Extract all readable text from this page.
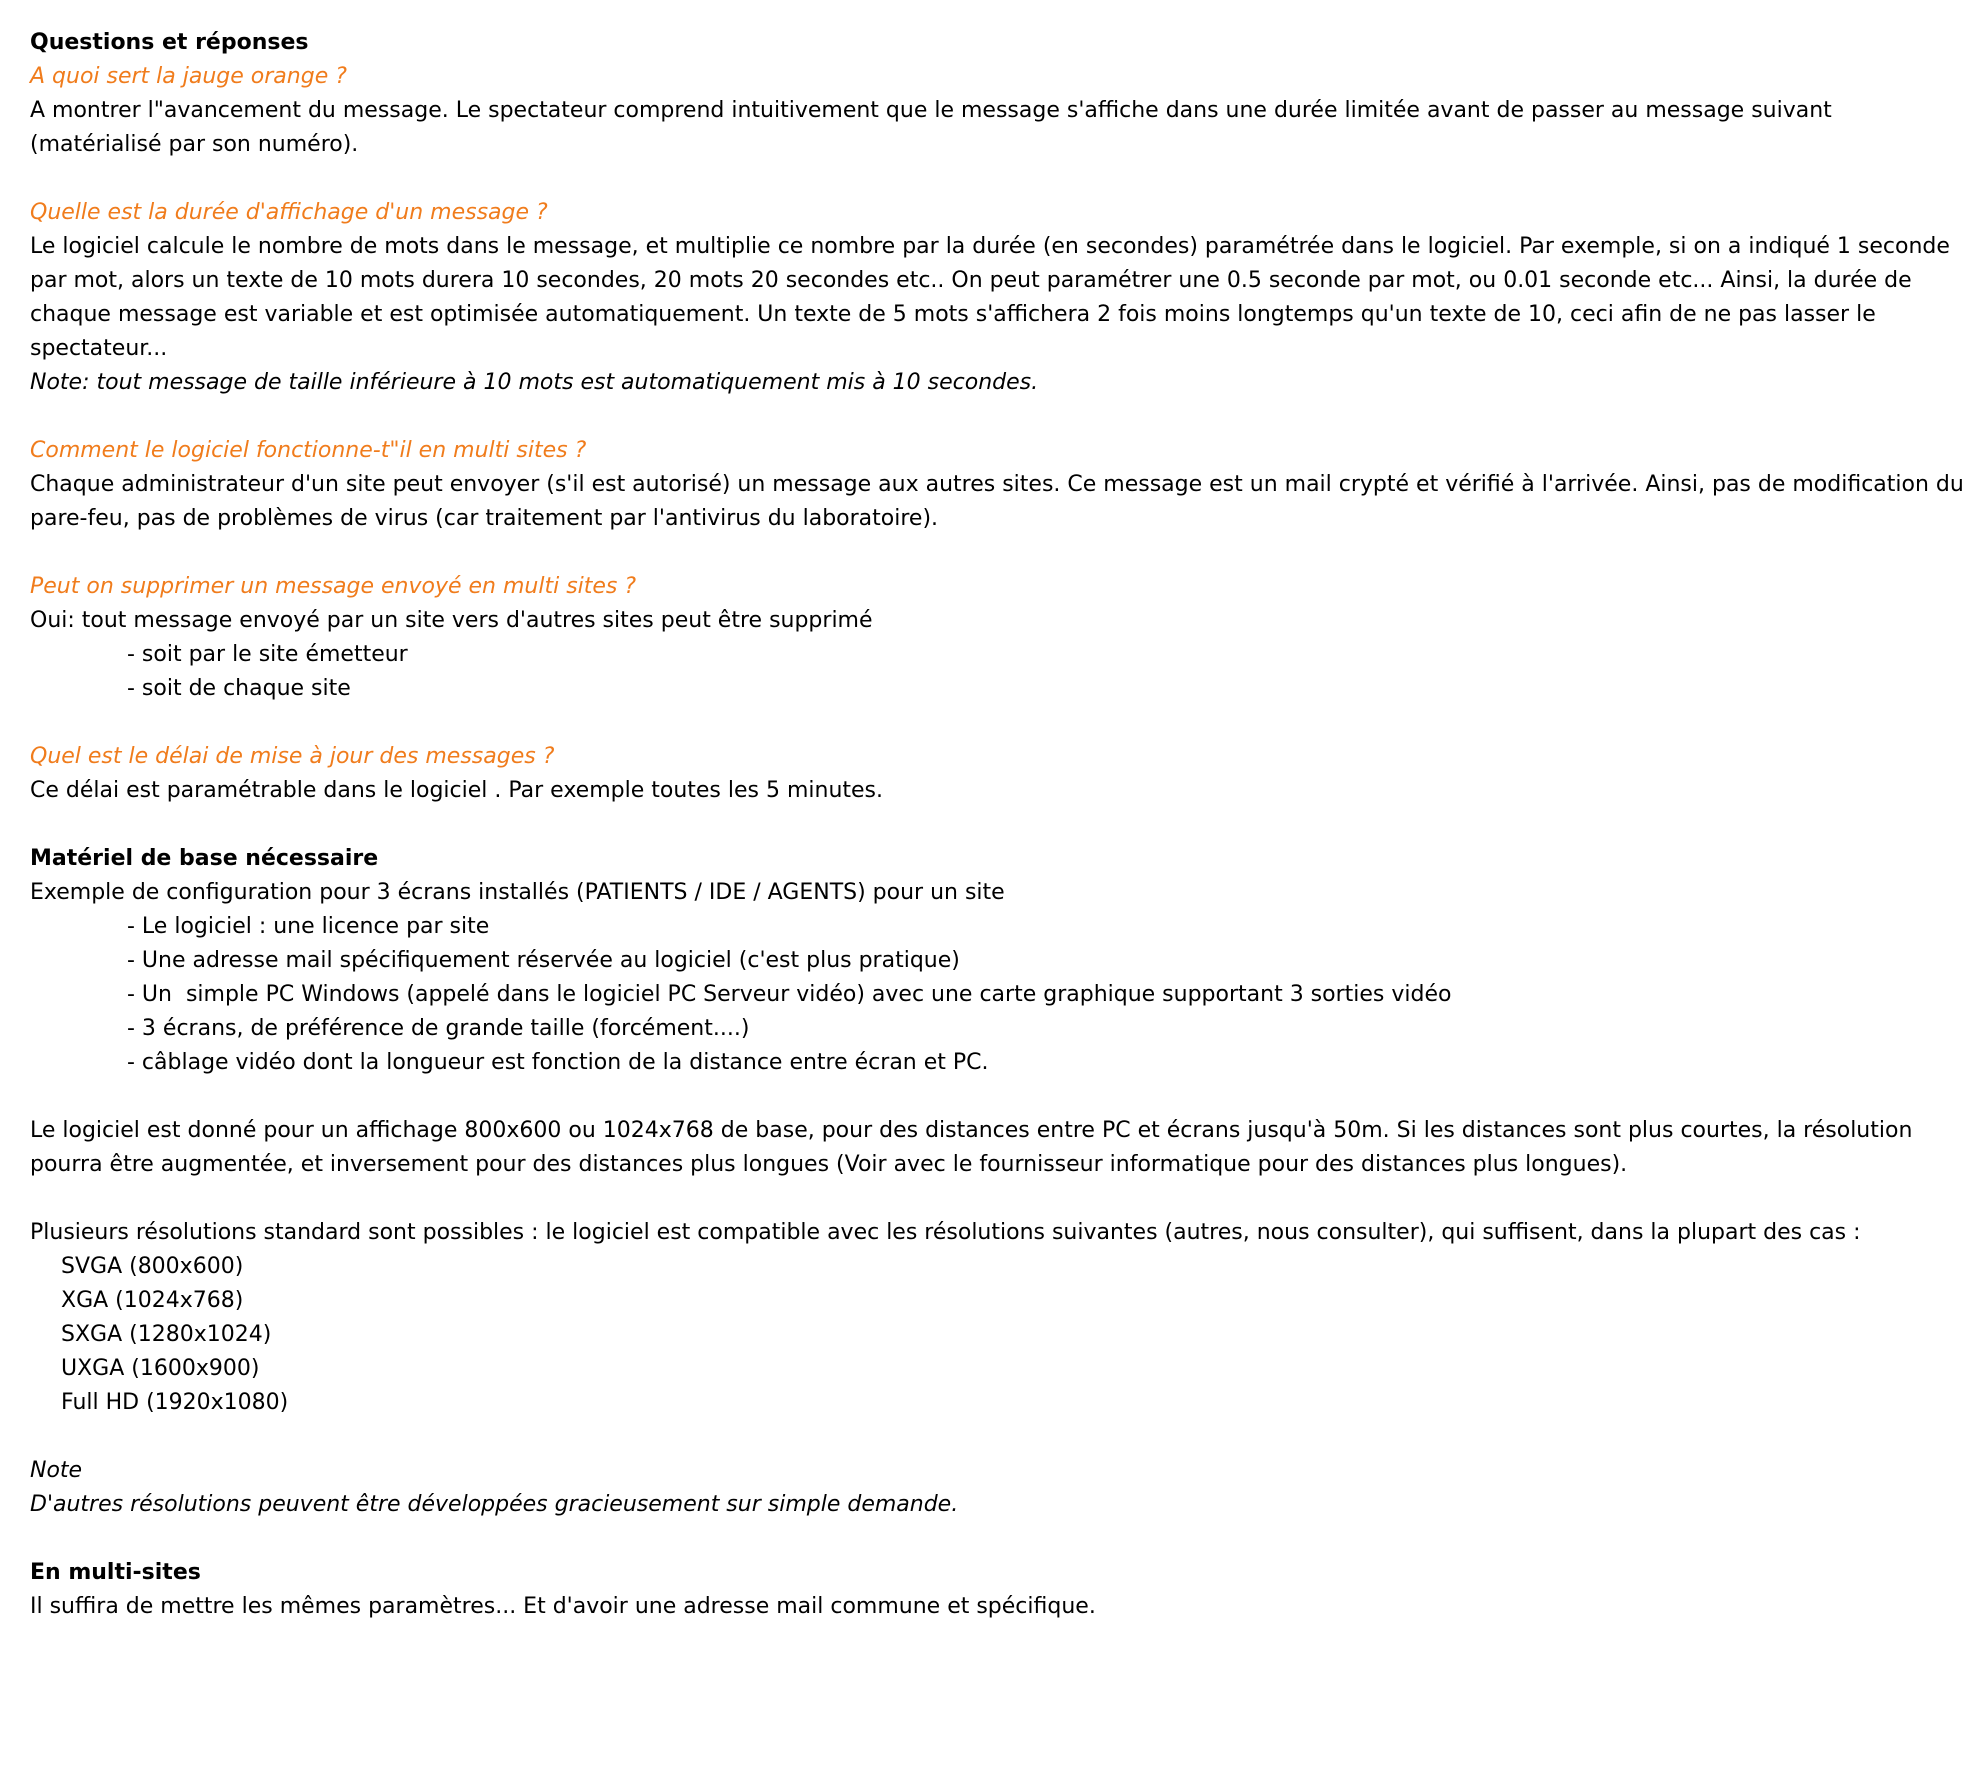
Questions et réponses

A quoi sert la jauge orange ?

A montrer l"avancement du message. Le spectateur comprend intuitivement que le message s'affiche dans une durée limitée avant de passer au message suivant (matérialisé par son numéro).

Quelle est la durée d'affichage d'un message ?

Le logiciel calcule le nombre de mots dans le message, et multiplie ce nombre par la durée (en secondes) paramétrée dans le logiciel. Par exemple, si on a indiqué 1 seconde par mot, alors un texte de 10 mots durera 10 secondes, 20 mots 20 secondes etc.. On peut paramétrer une 0.5 seconde par mot, ou 0.01 seconde etc... Ainsi, la durée de chaque message est variable et est optimisée automatiquement. Un texte de 5 mots s'affichera 2 fois moins longtemps qu'un texte de 10, ceci afin de ne pas lasser le spectateur...

Note: tout message de taille inférieure à 10 mots est automatiquement mis à 10 secondes.

Comment le logiciel fonctionne-t"il en multi sites ?

Chaque administrateur d'un site peut envoyer (s'il est autorisé) un message aux autres sites. Ce message est un mail crypté et vérifié à l'arrivée. Ainsi, pas de modification du pare-feu, pas de problèmes de virus (car traitement par l'antivirus du laboratoire).

Peut on supprimer un message envoyé en multi sites ?

Oui: tout message envoyé par un site vers d'autres sites peut être supprimé

- soit par le site émetteur

- soit de chaque site

Quel est le délai de mise à jour des messages ?

Ce délai est paramétrable dans le logiciel . Par exemple toutes les 5 minutes.

Matériel de base nécessaire

Exemple de configuration pour 3 écrans installés (PATIENTS / IDE / AGENTS) pour un site

- Le logiciel : une licence par site

- Une adresse mail spécifiquement réservée au logiciel (c'est plus pratique)

- Un  simple PC Windows (appelé dans le logiciel PC Serveur vidéo) avec une carte graphique supportant 3 sorties vidéo

- 3 écrans, de préférence de grande taille (forcément....)

- câblage vidéo dont la longueur est fonction de la distance entre écran et PC.

Le logiciel est donné pour un affichage 800x600 ou 1024x768 de base, pour des distances entre PC et écrans jusqu'à 50m. Si les distances sont plus courtes, la résolution pourra être augmentée, et inversement pour des distances plus longues (Voir avec le fournisseur informatique pour des distances plus longues).

Plusieurs résolutions standard sont possibles : le logiciel est compatible avec les résolutions suivantes (autres, nous consulter), qui suffisent, dans la plupart des cas :

SVGA (800x600)

XGA (1024x768)

SXGA (1280x1024)

UXGA (1600x900)

Full HD (1920x1080)

Note

D'autres résolutions peuvent être développées gracieusement sur simple demande.

En multi-sites

Il suffira de mettre les mêmes paramètres... Et d'avoir une adresse mail commune et spécifique.
